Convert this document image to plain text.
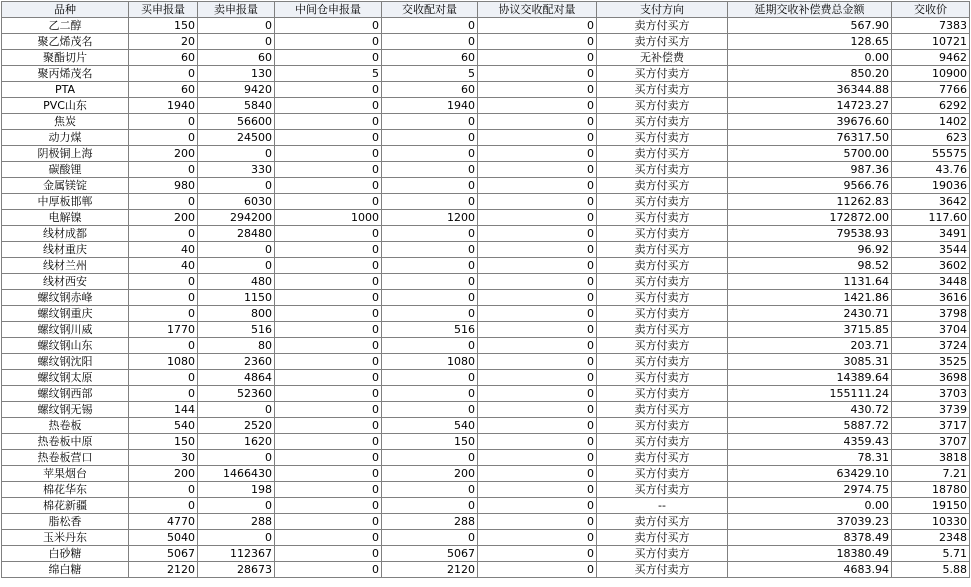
品种	买申报量	卖申报量	中间仓申报量	交收配对量	协议交收配对量	支付方向	延期交收补偿费总金额	交收价
乙二醇	150	0	0	0	0	卖方付买方	567.90	7383
聚乙烯茂名	20	0	0	0	0	卖方付买方	128.65	10721
聚酯切片	60	60	0	60	0	无补偿费	0.00	9462
聚丙烯茂名	0	130	5	5	0	买方付卖方	850.20	10900
PTA	60	9420	0	60	0	买方付卖方	36344.88	7766
PVC山东	1940	5840	0	1940	0	买方付卖方	14723.27	6292
焦炭	0	56600	0	0	0	买方付卖方	39676.60	1402
动力煤	0	24500	0	0	0	买方付卖方	76317.50	623
阴极铜上海	200	0	0	0	0	卖方付买方	5700.00	55575
碳酸锂	0	330	0	0	0	买方付卖方	987.36	43.76
金属镁锭	980	0	0	0	0	卖方付买方	9566.76	19036
中厚板邯郸	0	6030	0	0	0	买方付卖方	11262.83	3642
电解镍	200	294200	1000	1200	0	买方付卖方	172872.00	117.60
线材成都	0	28480	0	0	0	买方付卖方	79538.93	3491
线材重庆	40	0	0	0	0	卖方付买方	96.92	3544
线材兰州	40	0	0	0	0	卖方付买方	98.52	3602
线材西安	0	480	0	0	0	买方付卖方	1131.64	3448
螺纹钢赤峰	0	1150	0	0	0	买方付卖方	1421.86	3616
螺纹钢重庆	0	800	0	0	0	买方付卖方	2430.71	3798
螺纹钢川威	1770	516	0	516	0	卖方付买方	3715.85	3704
螺纹钢山东	0	80	0	0	0	买方付卖方	203.71	3724
螺纹钢沈阳	1080	2360	0	1080	0	买方付卖方	3085.31	3525
螺纹钢太原	0	4864	0	0	0	买方付卖方	14389.64	3698
螺纹钢西部	0	52360	0	0	0	买方付卖方	155111.24	3703
螺纹钢无锡	144	0	0	0	0	卖方付买方	430.72	3739
热卷板	540	2520	0	540	0	买方付卖方	5887.72	3717
热卷板中原	150	1620	0	150	0	买方付卖方	4359.43	3707
热卷板营口	30	0	0	0	0	卖方付买方	78.31	3818
苹果烟台	200	1466430	0	200	0	买方付卖方	63429.10	7.21
棉花华东	0	198	0	0	0	买方付卖方	2974.75	18780
棉花新疆	0	0	0	0	0	--	0.00	19150
脂松香	4770	288	0	288	0	卖方付买方	37039.23	10330
玉米丹东	5040	0	0	0	0	卖方付买方	8378.49	2348
白砂糖	5067	112367	0	5067	0	买方付卖方	18380.49	5.71
绵白糖	2120	28673	0	2120	0	买方付卖方	4683.94	5.88
